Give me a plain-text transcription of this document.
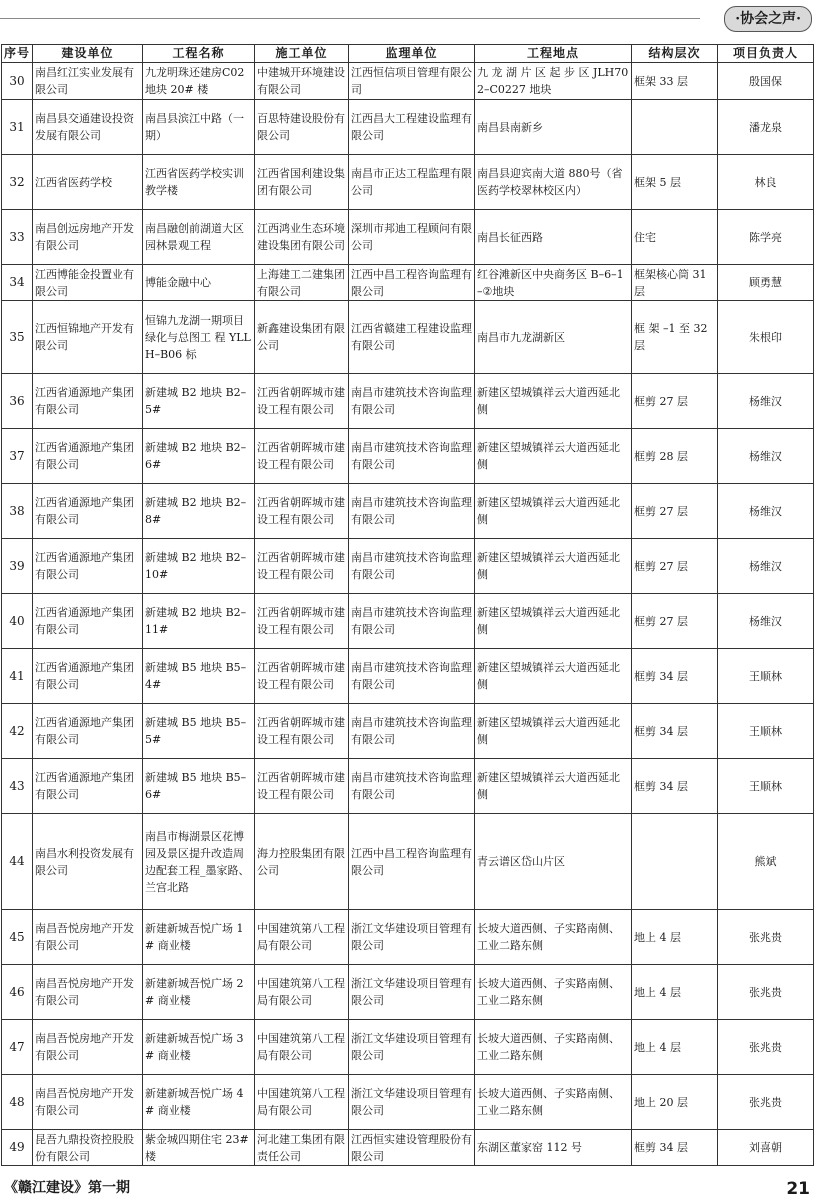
·协会之声·
序号	建设单位	工程名称	施工单位	监理单位	工程地点	结构层次	项目负责人
30	南昌红江实业发展有限公司	九龙明珠还建房C02 地块 20# 楼	中建城开环境建设有限公司	江西恒信项目管理有限公司	九 龙 湖 片 区 起 步 区 JLH702–C0227 地块	框架 33 层	殷国保
31	南昌县交通建设投资发展有限公司	南昌县滨江中路（一期）	百思特建设股份有限公司	江西昌大工程建设监理有限公司	南昌县南新乡		潘龙泉
32	江西省医药学校	江西省医药学校实训教学楼	江西省国利建设集团有限公司	南昌市正达工程监理有限公司	南昌县迎宾南大道 880号（省医药学校翠林校区内）	框架 5 层	林良
33	南昌创远房地产开发有限公司	南昌融创前湖道大区园林景观工程	江西鸿业生态环境建设集团有限公司	深圳市邦迪工程顾问有限公司	南昌长征西路	住宅	陈学亮
34	江西博能金投置业有限公司	博能金融中心	上海建工二建集团有限公司	江西中昌工程咨询监理有限公司	红谷滩新区中央商务区 B–6–1–②地块	框架核心筒 31 层	顾勇慧
35	江西恒锦地产开发有限公司	恒锦九龙湖一期项目绿化与总图工 程 YLLH–B06 标	新鑫建设集团有限公司	江西省赣建工程建设监理有限公司	南昌市九龙湖新区	框 架 –1 至 32 层	朱根印
36	江西省通源地产集团有限公司	新建城 B2 地块 B2–5#	江西省朝晖城市建设工程有限公司	南昌市建筑技术咨询监理有限公司	新建区望城镇祥云大道西延北侧	框剪 27 层	杨维汉
37	江西省通源地产集团有限公司	新建城 B2 地块 B2–6#	江西省朝晖城市建设工程有限公司	南昌市建筑技术咨询监理有限公司	新建区望城镇祥云大道西延北侧	框剪 28 层	杨维汉
38	江西省通源地产集团有限公司	新建城 B2 地块 B2–8#	江西省朝晖城市建设工程有限公司	南昌市建筑技术咨询监理有限公司	新建区望城镇祥云大道西延北侧	框剪 27 层	杨维汉
39	江西省通源地产集团有限公司	新建城 B2 地块 B2–10#	江西省朝晖城市建设工程有限公司	南昌市建筑技术咨询监理有限公司	新建区望城镇祥云大道西延北侧	框剪 27 层	杨维汉
40	江西省通源地产集团有限公司	新建城 B2 地块 B2–11#	江西省朝晖城市建设工程有限公司	南昌市建筑技术咨询监理有限公司	新建区望城镇祥云大道西延北侧	框剪 27 层	杨维汉
41	江西省通源地产集团有限公司	新建城 B5 地块 B5–4#	江西省朝晖城市建设工程有限公司	南昌市建筑技术咨询监理有限公司	新建区望城镇祥云大道西延北侧	框剪 34 层	王顺林
42	江西省通源地产集团有限公司	新建城 B5 地块 B5–5#	江西省朝晖城市建设工程有限公司	南昌市建筑技术咨询监理有限公司	新建区望城镇祥云大道西延北侧	框剪 34 层	王顺林
43	江西省通源地产集团有限公司	新建城 B5 地块 B5–6#	江西省朝晖城市建设工程有限公司	南昌市建筑技术咨询监理有限公司	新建区望城镇祥云大道西延北侧	框剪 34 层	王顺林
44	南昌水利投资发展有限公司	南昌市梅湖景区花博园及景区提升改造周边配套工程_墨家路、兰宫北路	海力控股集团有限公司	江西中昌工程咨询监理有限公司	青云谱区岱山片区		熊斌
45	南昌吾悦房地产开发有限公司	新建新城吾悦广场 1# 商业楼	中国建筑第八工程局有限公司	浙江文华建设项目管理有限公司	长坡大道西侧、子实路南侧、工业二路东侧	地上 4 层	张兆贵
46	南昌吾悦房地产开发有限公司	新建新城吾悦广场 2# 商业楼	中国建筑第八工程局有限公司	浙江文华建设项目管理有限公司	长坡大道西侧、子实路南侧、工业二路东侧	地上 4 层	张兆贵
47	南昌吾悦房地产开发有限公司	新建新城吾悦广场 3# 商业楼	中国建筑第八工程局有限公司	浙江文华建设项目管理有限公司	长坡大道西侧、子实路南侧、工业二路东侧	地上 4 层	张兆贵
48	南昌吾悦房地产开发有限公司	新建新城吾悦广场 4# 商业楼	中国建筑第八工程局有限公司	浙江文华建设项目管理有限公司	长坡大道西侧、子实路南侧、工业二路东侧	地上 20 层	张兆贵
49	昆吾九鼎投资控股股份有限公司	紫金城四期住宅 23# 楼	河北建工集团有限责任公司	江西恒实建设管理股份有限公司	东湖区董家窑 112 号	框剪 34 层	刘喜朝
《赣江建设》第一期	21
